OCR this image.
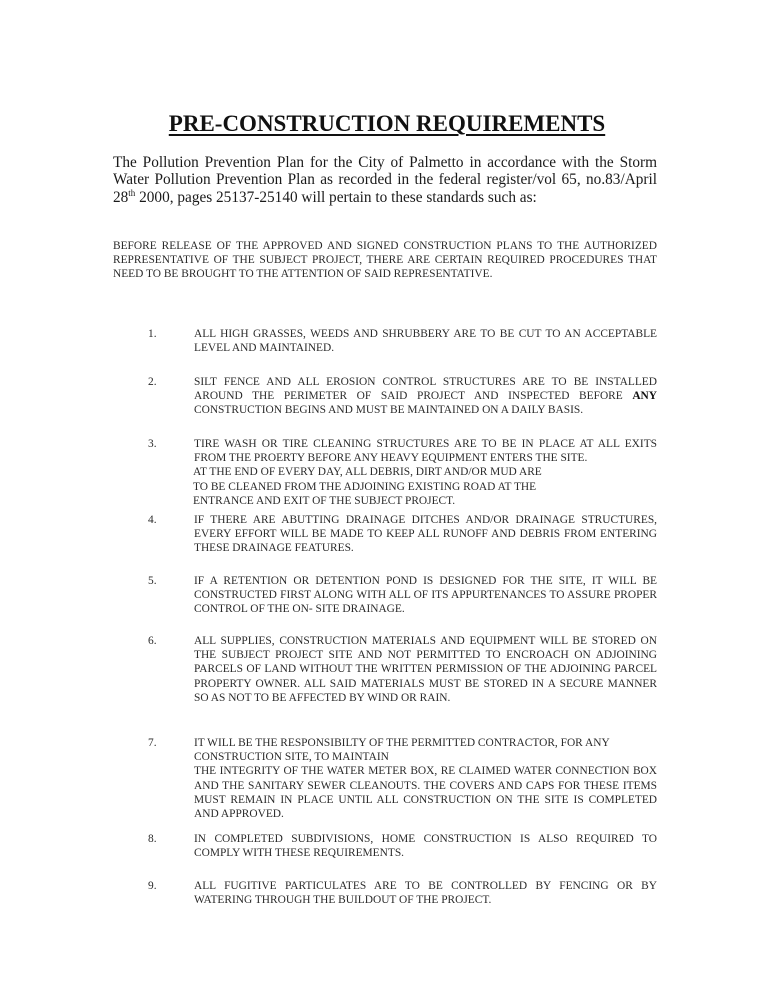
PRE-CONSTRUCTION REQUIREMENTS
The Pollution Prevention Plan for the City of Palmetto in accordance with the Storm Water Pollution Prevention Plan as recorded in the federal register/vol 65, no.83/April 28th 2000, pages 25137-25140 will pertain to these standards such as:
BEFORE RELEASE OF THE APPROVED AND SIGNED CONSTRUCTION PLANS TO THE AUTHORIZED REPRESENTATIVE OF THE SUBJECT PROJECT, THERE ARE CERTAIN REQUIRED PROCEDURES THAT NEED TO BE BROUGHT TO THE ATTENTION OF SAID REPRESENTATIVE.
1.	ALL HIGH GRASSES, WEEDS AND SHRUBBERY ARE TO BE CUT TO AN ACCEPTABLE LEVEL AND MAINTAINED.

2.	SILT FENCE AND ALL EROSION CONTROL STRUCTURES ARE TO BE INSTALLED AROUND THE PERIMETER OF SAID PROJECT AND INSPECTED BEFORE ANY CONSTRUCTION BEGINS AND MUST BE MAINTAINED ON A DAILY BASIS.

3.	TIRE WASH OR TIRE CLEANING STRUCTURES ARE TO BE IN PLACE AT ALL EXITS FROM THE PROERTY BEFORE ANY HEAVY EQUIPMENT ENTERS THE SITE.

AT THE END OF EVERY DAY, ALL DEBRIS, DIRT AND/OR MUD ARE

TO BE CLEANED FROM THE ADJOINING EXISTING ROAD AT THE

ENTRANCE AND EXIT OF THE SUBJECT PROJECT.

4.	IF THERE ARE ABUTTING DRAINAGE DITCHES AND/OR DRAINAGE STRUCTURES, EVERY EFFORT WILL BE MADE TO KEEP ALL RUNOFF AND DEBRIS FROM ENTERING THESE DRAINAGE FEATURES.

5.	IF A RETENTION OR DETENTION POND IS DESIGNED FOR THE SITE, IT WILL BE CONSTRUCTED FIRST ALONG WITH ALL OF ITS APPURTENANCES TO ASSURE PROPER CONTROL OF THE ON- SITE DRAINAGE.

6.	ALL SUPPLIES, CONSTRUCTION MATERIALS AND EQUIPMENT WILL BE STORED ON THE SUBJECT PROJECT SITE AND NOT PERMITTED TO ENCROACH ON ADJOINING PARCELS OF LAND WITHOUT THE WRITTEN PERMISSION OF THE ADJOINING PARCEL PROPERTY OWNER. ALL SAID MATERIALS MUST BE STORED IN A SECURE MANNER SO AS NOT TO BE AFFECTED BY WIND OR RAIN.

7.	IT WILL BE THE RESPONSIBILTY OF THE PERMITTED CONTRACTOR, FOR ANY CONSTRUCTION SITE, TO MAINTAIN

THE INTEGRITY OF THE WATER METER BOX, RE CLAIMED WATER CONNECTION BOX AND THE SANITARY SEWER CLEANOUTS. THE COVERS AND CAPS FOR THESE ITEMS MUST REMAIN IN PLACE UNTIL ALL CONSTRUCTION ON THE SITE IS COMPLETED AND APPROVED.

8.	IN COMPLETED SUBDIVISIONS, HOME CONSTRUCTION IS ALSO REQUIRED TO COMPLY WITH THESE REQUIREMENTS.

9.	ALL FUGITIVE PARTICULATES ARE TO BE CONTROLLED BY FENCING OR BY WATERING THROUGH THE BUILDOUT OF THE PROJECT.
